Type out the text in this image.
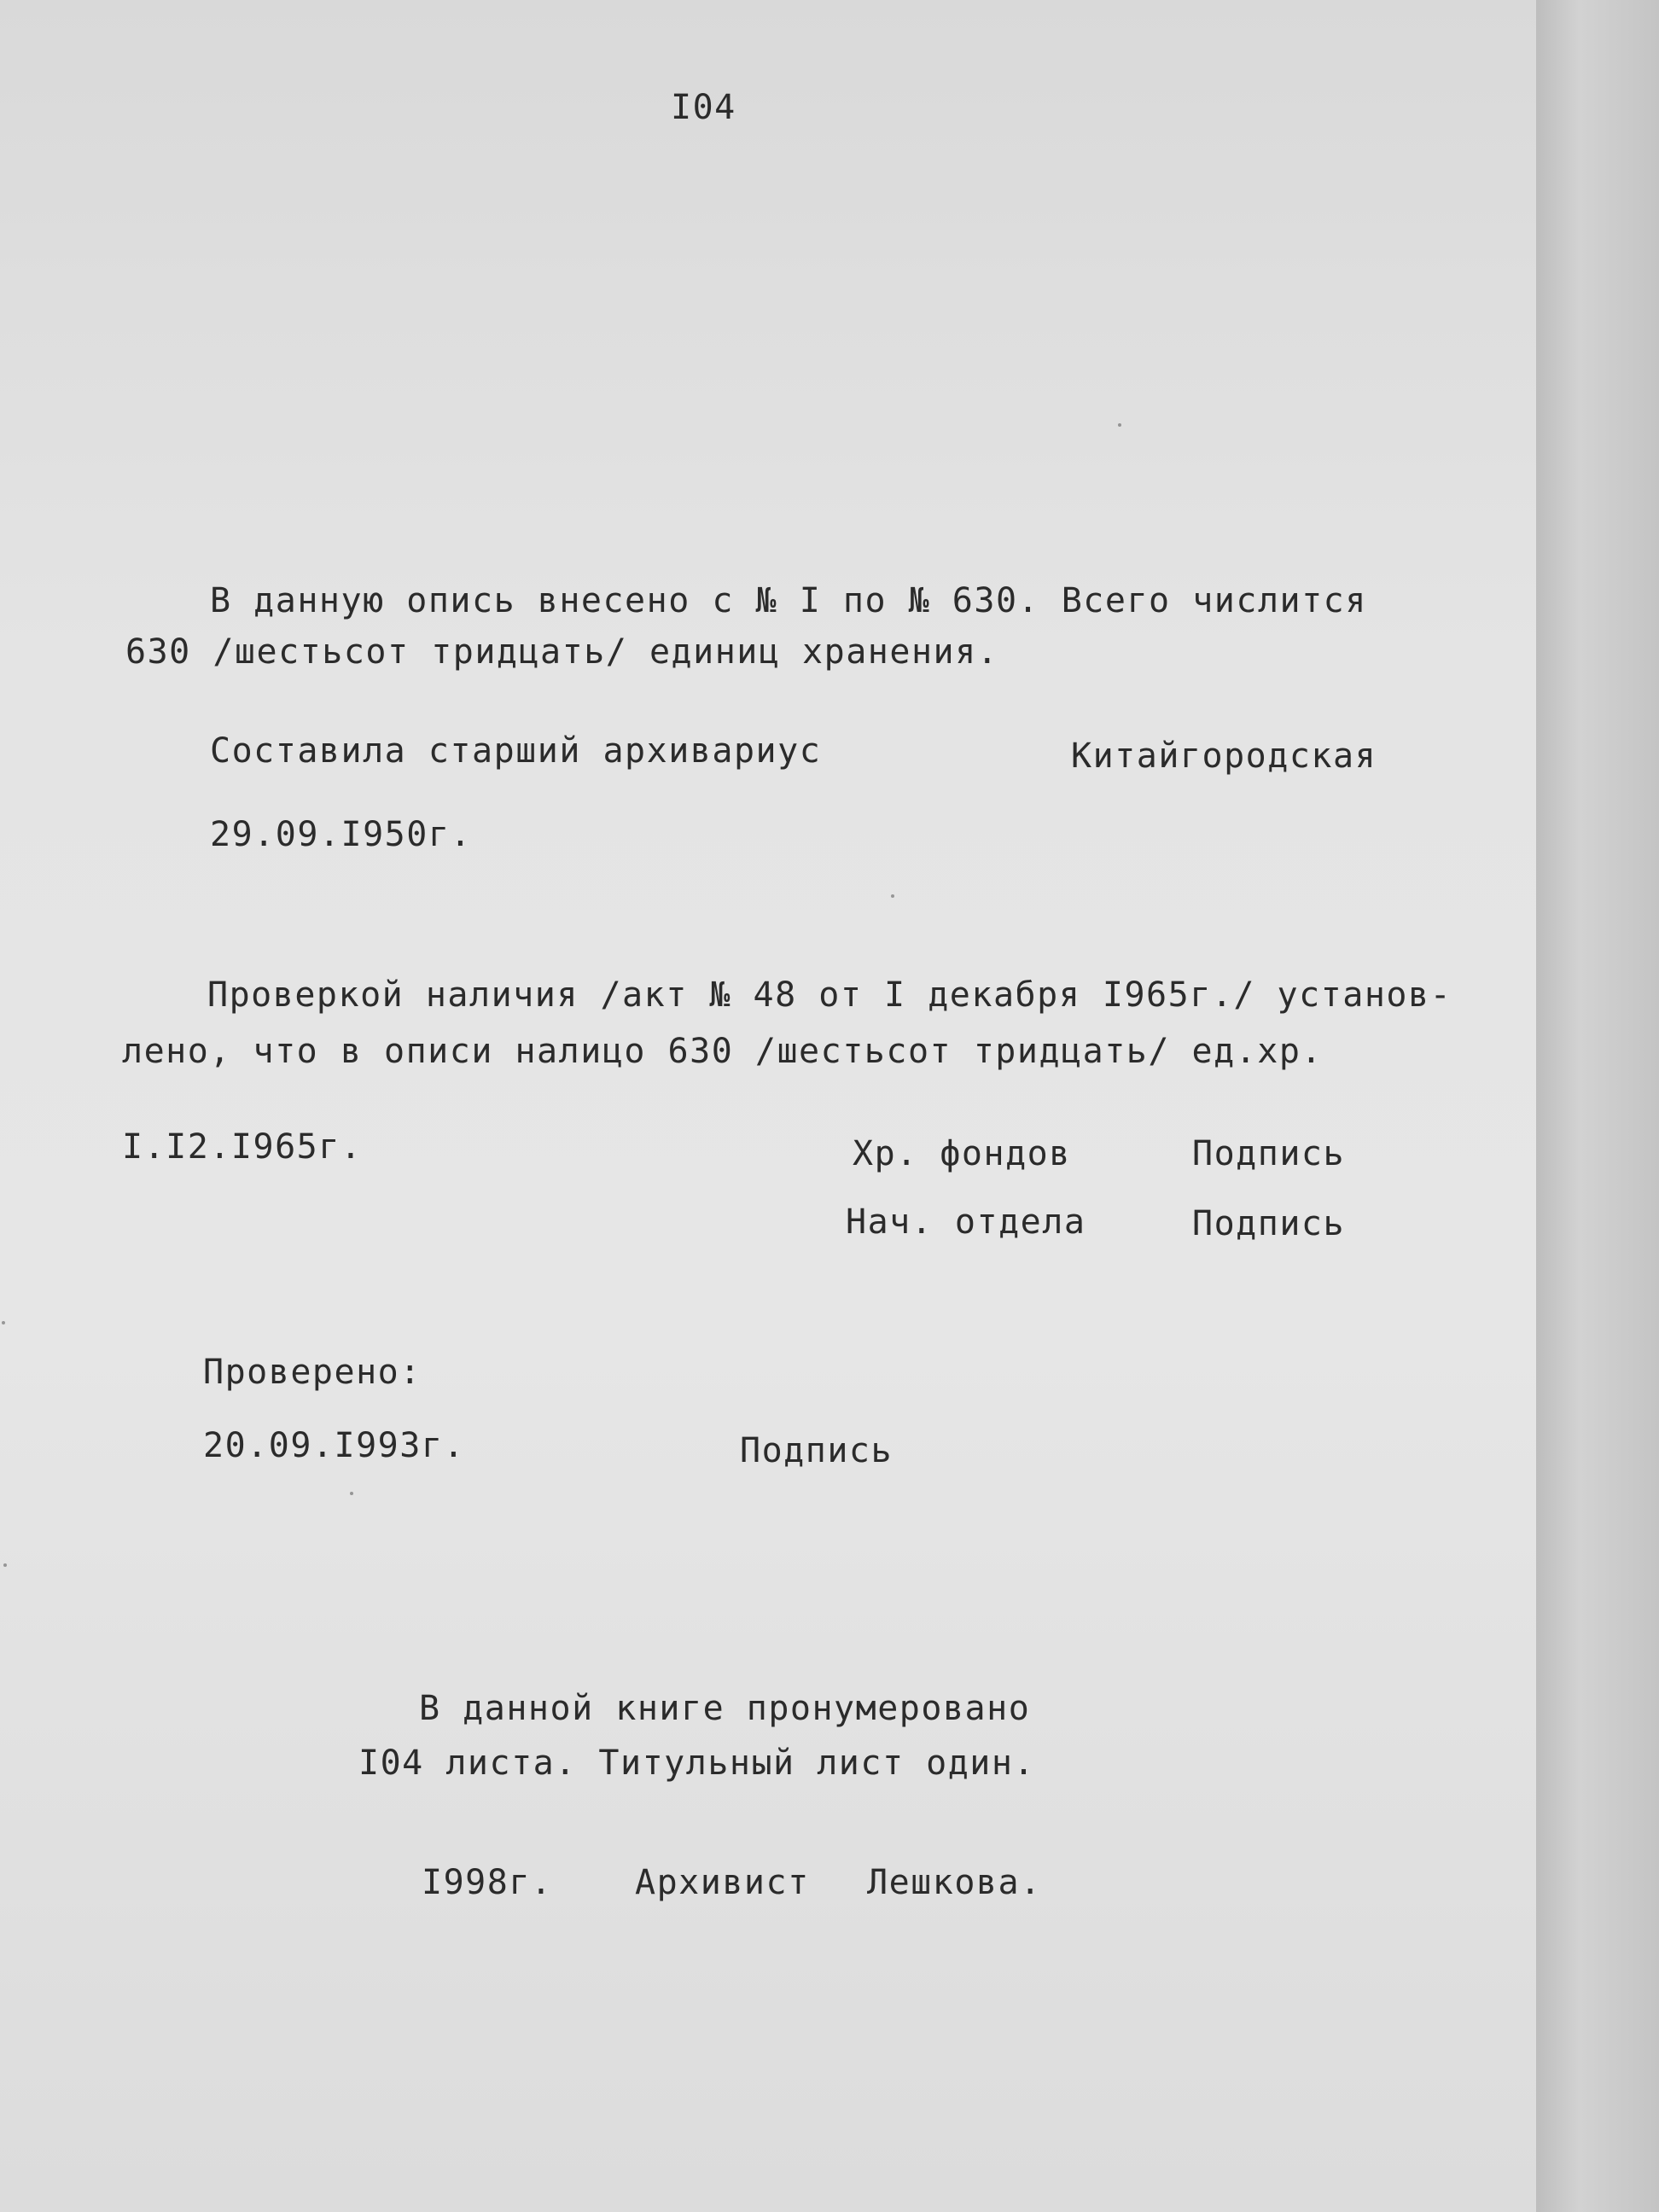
I04
В данную опись внесено с № I по № 630. Всего числится
630 /шестьсот тридцать/ единиц хранения.
Составила старший архивариус	Китайгородская
29.09.I950г.
Проверкой наличия /акт № 48 от I декабря I965г./ установ-
лено, что в описи налицо 630 /шестьсот тридцать/ ед.хр.
I.I2.I965г.	Хр. фондов	Подпись
Нач. отдела	Подпись
Проверено:
20.09.I993г.	Подпись
В данной книге пронумеровано
I04 листа. Титульный лист один.
I998г. Архивист Лешкова.
